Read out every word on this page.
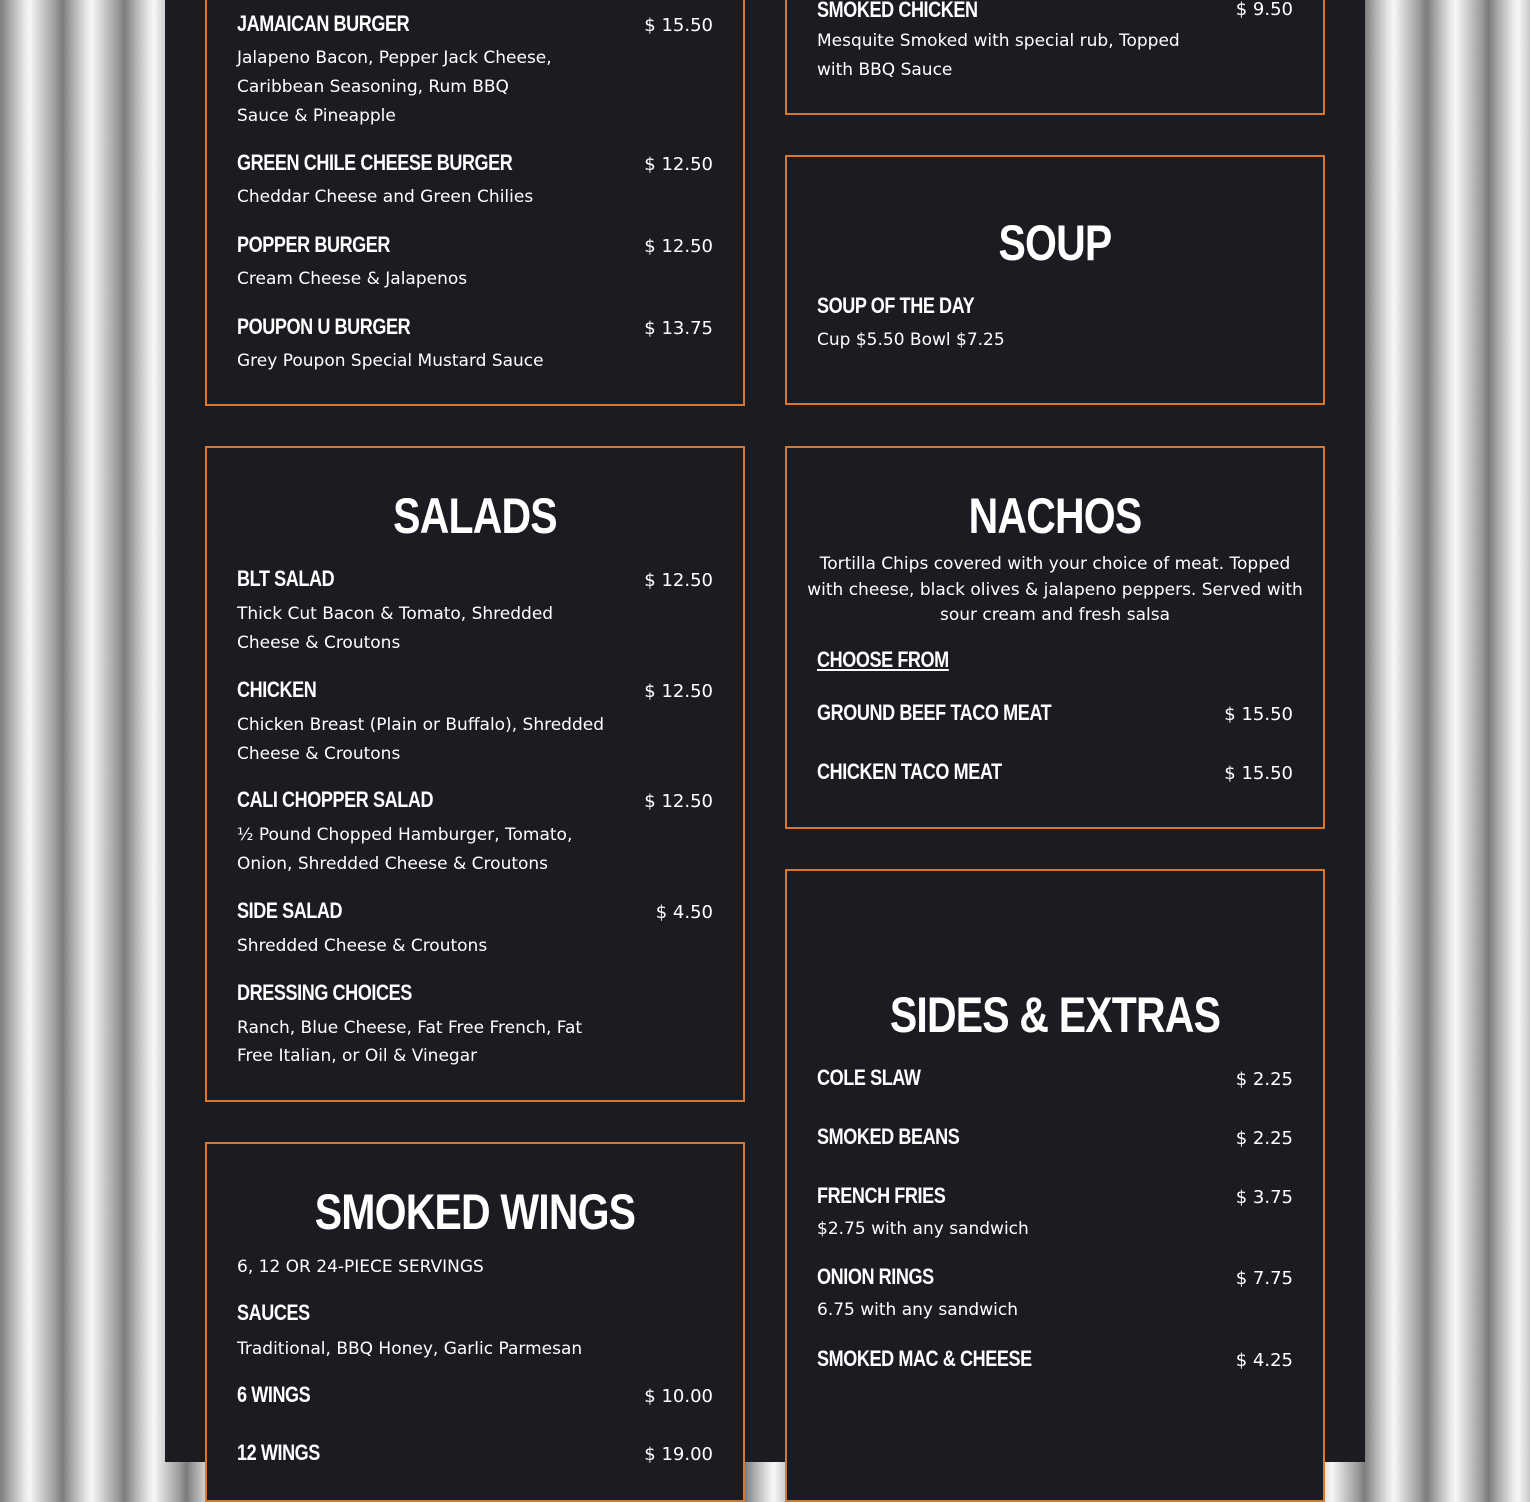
JAMAICAN BURGER	$ 15.50
Jalapeno Bacon, Pepper Jack Cheese, Caribbean Seasoning, Rum BBQ Sauce & Pineapple
GREEN CHILE CHEESE BURGER	$ 12.50
Cheddar Cheese and Green Chilies
POPPER BURGER	$ 12.50
Cream Cheese & Jalapenos
POUPON U BURGER	$ 13.75
Grey Poupon Special Mustard Sauce
SMOKED CHICKEN	$ 9.50
Mesquite Smoked with special rub, Topped with BBQ Sauce
SOUP
SOUP OF THE DAY
Cup $5.50 Bowl $7.25
SALADS
BLT SALAD	$ 12.50
Thick Cut Bacon & Tomato, Shredded Cheese & Croutons
CHICKEN	$ 12.50
Chicken Breast (Plain or Buffalo), Shredded Cheese & Croutons
CALI CHOPPER SALAD	$ 12.50
½ Pound Chopped Hamburger, Tomato, Onion, Shredded Cheese & Croutons
SIDE SALAD	$ 4.50
Shredded Cheese & Croutons
DRESSING CHOICES
Ranch, Blue Cheese, Fat Free French, Fat Free Italian, or Oil & Vinegar
NACHOS
Tortilla Chips covered with your choice of meat. Topped with cheese, black olives & jalapeno peppers. Served with sour cream and fresh salsa
CHOOSE FROM
GROUND BEEF TACO MEAT	$ 15.50
CHICKEN TACO MEAT	$ 15.50
SMOKED WINGS
6, 12 OR 24-PIECE SERVINGS
SAUCES
Traditional, BBQ Honey, Garlic Parmesan
6 WINGS	$ 10.00
12 WINGS	$ 19.00
SIDES & EXTRAS
COLE SLAW	$ 2.25
SMOKED BEANS	$ 2.25
FRENCH FRIES	$ 3.75
$2.75 with any sandwich
ONION RINGS	$ 7.75
6.75 with any sandwich
SMOKED MAC & CHEESE	$ 4.25
